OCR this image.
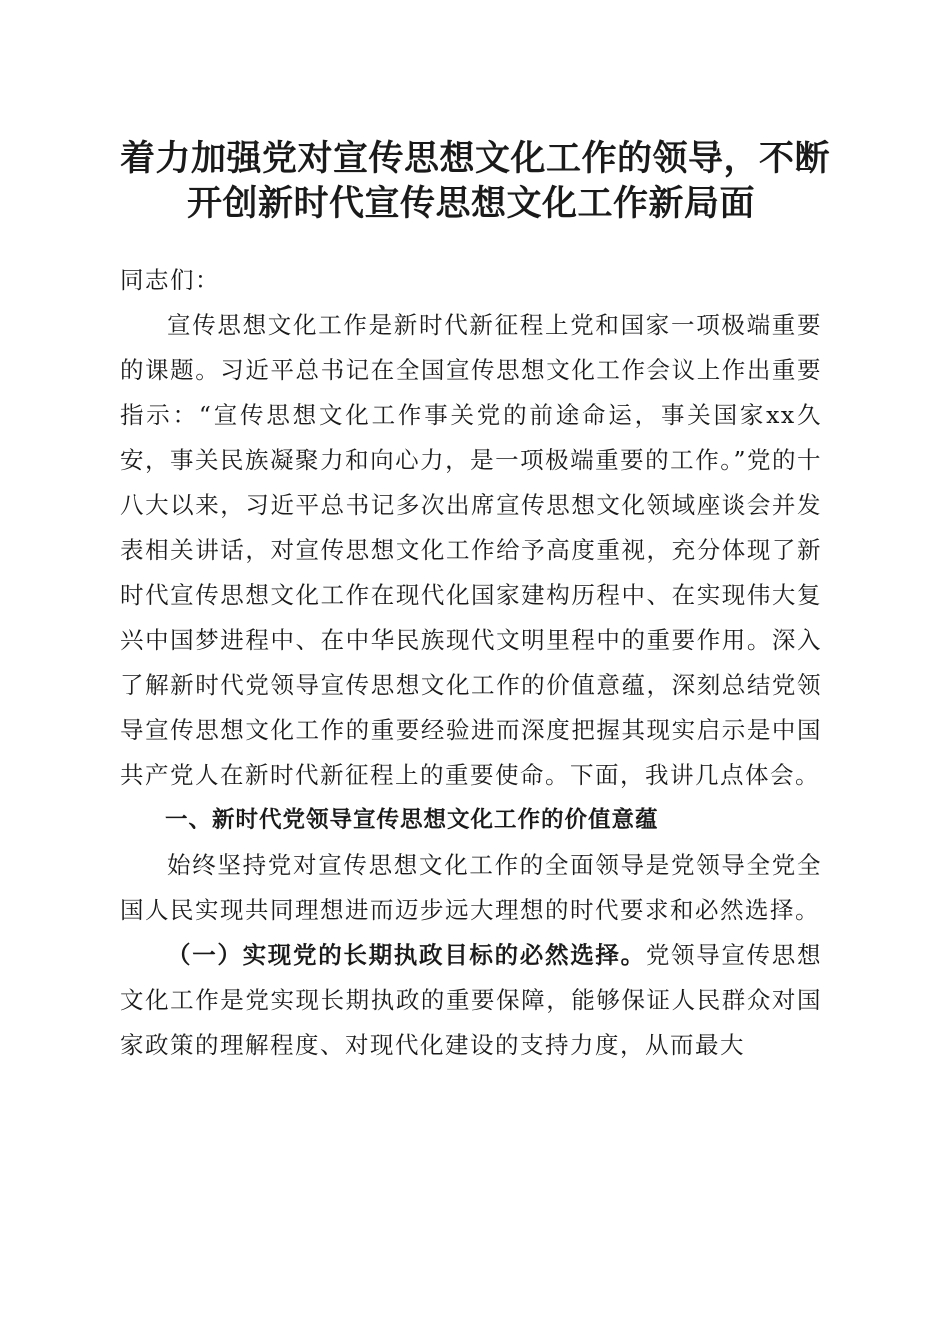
着力加强党对宣传思想文化工作的领导，不断
开创新时代宣传思想文化工作新局面

同志们：

宣传思想文化工作是新时代新征程上党和国家一项极端重要的课题。习近平总书记在全国宣传思想文化工作会议上作出重要指示：“宣传思想文化工作事关党的前途命运，事关国家xx久安，事关民族凝聚力和向心力，是一项极端重要的工作。”党的十八大以来，习近平总书记多次出席宣传思想文化领域座谈会并发表相关讲话，对宣传思想文化工作给予高度重视，充分体现了新时代宣传思想文化工作在现代化国家建构历程中、在实现伟大复兴中国梦进程中、在中华民族现代文明里程中的重要作用。深入了解新时代党领导宣传思想文化工作的价值意蕴，深刻总结党领导宣传思想文化工作的重要经验进而深度把握其现实启示是中国共产党人在新时代新征程上的重要使命。下面，我讲几点体会。

一、新时代党领导宣传思想文化工作的价值意蕴

始终坚持党对宣传思想文化工作的全面领导是党领导全党全国人民实现共同理想进而迈步远大理想的时代要求和必然选择。

（一）实现党的长期执政目标的必然选择。党领导宣传思想文化工作是党实现长期执政的重要保障，能够保证人民群众对国家政策的理解程度、对现代化建设的支持力度，从而最大
